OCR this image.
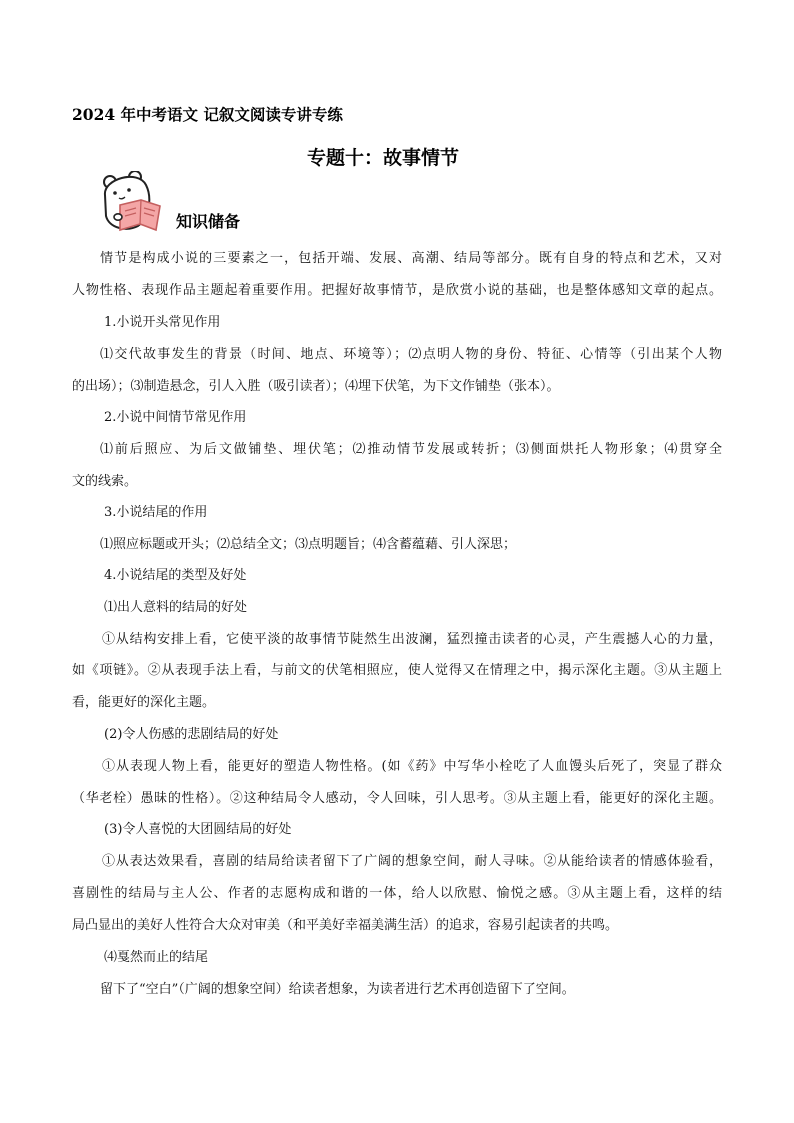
2024 年中考语文 记叙文阅读专讲专练
专题十：故事情节
知识储备
情节是构成小说的三要素之一，包括开端、发展、高潮、结局等部分。既有自身的特点和艺术，又对
人物性格、表现作品主题起着重要作用。把握好故事情节，是欣赏小说的基础，也是整体感知文章的起点。
1.小说开头常见作用
⑴交代故事发生的背景（时间、地点、环境等）；⑵点明人物的身份、特征、心情等（引出某个人物
的出场）；⑶制造悬念，引人入胜（吸引读者）；⑷埋下伏笔，为下文作铺垫（张本）。
2.小说中间情节常见作用
⑴前后照应、为后文做铺垫、埋伏笔；⑵推动情节发展或转折；⑶侧面烘托人物形象；⑷贯穿全
文的线索。
3.小说结尾的作用
⑴照应标题或开头；⑵总结全文；⑶点明题旨；⑷含蓄蕴藉、引人深思；
4.小说结尾的类型及好处
⑴出人意料的结局的好处
①从结构安排上看，它使平淡的故事情节陡然生出波澜，猛烈撞击读者的心灵，产生震撼人心的力量，
如《项链》。②从表现手法上看，与前文的伏笔相照应，使人觉得又在情理之中，揭示深化主题。③从主题上
看，能更好的深化主题。
(2)令人伤感的悲剧结局的好处
①从表现人物上看，能更好的塑造人物性格。(如《药》中写华小栓吃了人血馒头后死了，突显了群众
（华老栓）愚昧的性格）。②这种结局令人感动，令人回味，引人思考。③从主题上看，能更好的深化主题。
(3)令人喜悦的大团圆结局的好处
①从表达效果看，喜剧的结局给读者留下了广阔的想象空间，耐人寻味。②从能给读者的情感体验看，
喜剧性的结局与主人公、作者的志愿构成和谐的一体，给人以欣慰、愉悦之感。③从主题上看，这样的结
局凸显出的美好人性符合大众对审美（和平美好幸福美满生活）的追求，容易引起读者的共鸣。
⑷戛然而止的结尾
留下了“空白”（广阔的想象空间）给读者想象，为读者进行艺术再创造留下了空间。
